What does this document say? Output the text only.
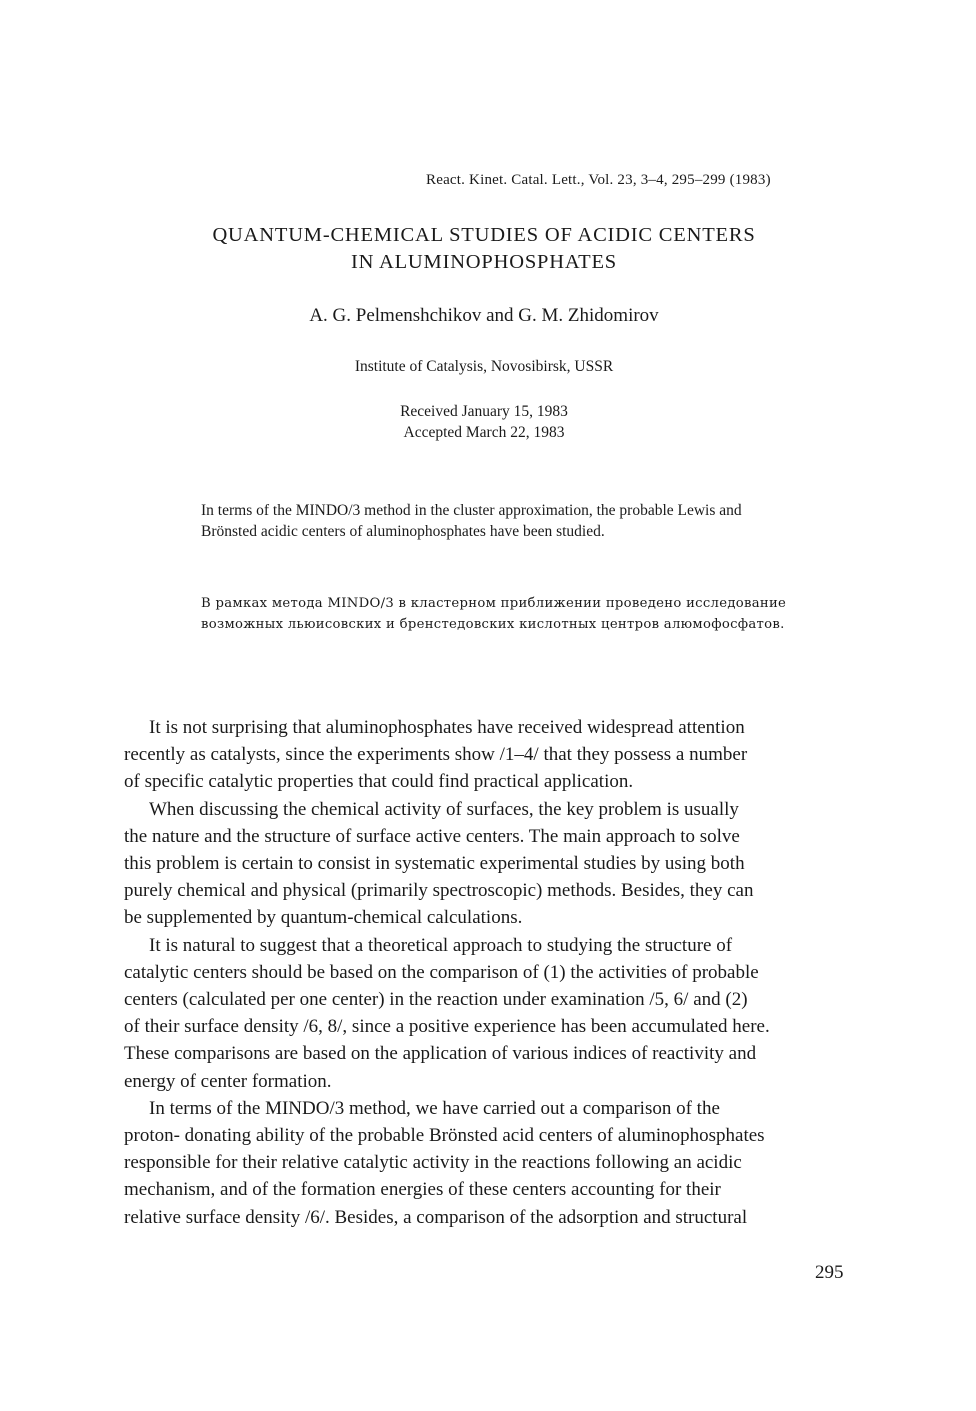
React. Kinet. Catal. Lett., Vol. 23, 3–4, 295–299 (1983)
QUANTUM-CHEMICAL STUDIES OF ACIDIC CENTERS
IN ALUMINOPHOSPHATES
A. G. Pelmenshchikov and G. M. Zhidomirov
Institute of Catalysis, Novosibirsk, USSR
Received January 15, 1983
Accepted March 22, 1983
In terms of the MINDO/3 method in the cluster approximation, the probable Lewis and
Brönsted acidic centers of aluminophosphates have been studied.
В рамках метода MINDO/3 в кластерном приближении проведено исследование
возможных льюисовских и бренстедовских кислотных центров алюмофосфатов.
It is not surprising that aluminophosphates have received widespread attention
recently as catalysts, since the experiments show /1–4/ that they possess a number
of specific catalytic properties that could find practical application.
When discussing the chemical activity of surfaces, the key problem is usually
the nature and the structure of surface active centers. The main approach to solve
this problem is certain to consist in systematic experimental studies by using both
purely chemical and physical (primarily spectroscopic) methods. Besides, they can
be supplemented by quantum-chemical calculations.
It is natural to suggest that a theoretical approach to studying the structure of
catalytic centers should be based on the comparison of (1) the activities of probable
centers (calculated per one center) in the reaction under examination /5, 6/ and (2)
of their surface density /6, 8/, since a positive experience has been accumulated here.
These comparisons are based on the application of various indices of reactivity and
energy of center formation.
In terms of the MINDO/3 method, we have carried out a comparison of the
proton- donating ability of the probable Brönsted acid centers of aluminophosphates
responsible for their relative catalytic activity in the reactions following an acidic
mechanism, and of the formation energies of these centers accounting for their
relative surface density /6/. Besides, a comparison of the adsorption and structural
295
